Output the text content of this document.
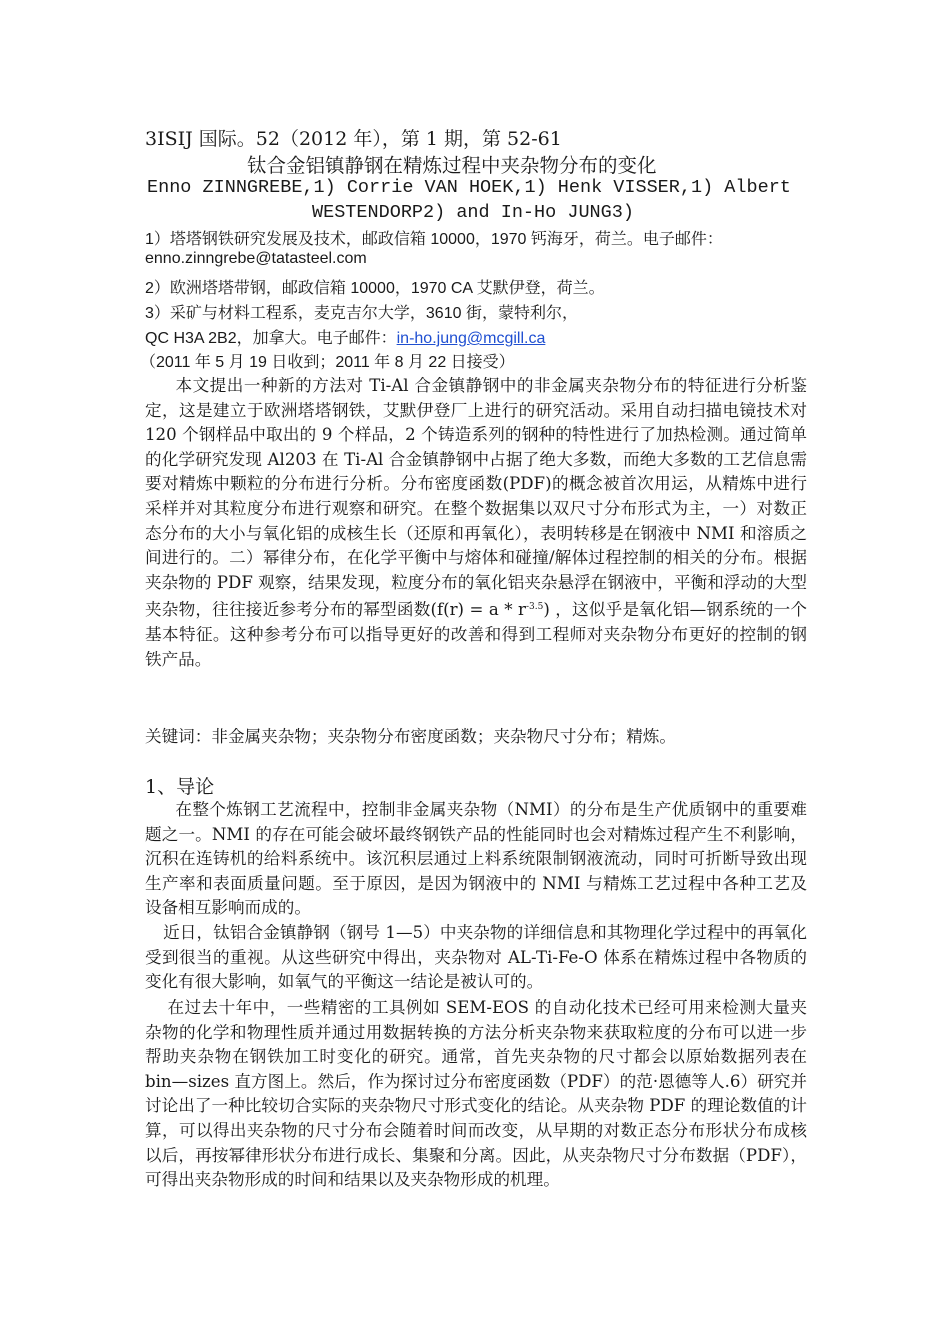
3ISIJ 国际。52（2012 年），第 1 期，第 52-61
钛合金铝镇静钢在精炼过程中夹杂物分布的变化
Enno ZINNGREBE,1) Corrie VAN HOEK,1) Henk VISSER,1) Albert
WESTENDORP2) and In-Ho JUNG3)
1）塔塔钢铁研究发展及技术，邮政信箱 10000，1970 钙海牙，荷兰。电子邮件：
enno.zinngrebe@tatasteel.com
2）欧洲塔塔带钢，邮政信箱 10000，1970 CA 艾默伊登，荷兰。
3）采矿与材料工程系，麦克吉尔大学，3610 街，蒙特利尔，
QC H3A 2B2，加拿大。电子邮件：in-ho.jung@mcgill.ca
（2011 年 5 月 19 日收到；2011 年 8 月 22 日接受）
本文提出一种新的方法对 Ti-Al 合金镇静钢中的非金属夹杂物分布的特征进行分析鉴定，这是建立于欧洲塔塔钢铁，艾默伊登厂上进行的研究活动。采用自动扫描电镜技术对 120 个钢样品中取出的 9 个样品，2 个铸造系列的钢种的特性进行了加热检测。通过简单的化学研究发现 Al203 在 Ti-Al 合金镇静钢中占据了绝大多数，而绝大多数的工艺信息需要对精炼中颗粒的分布进行分析。分布密度函数(PDF)的概念被首次用运，从精炼中进行采样并对其粒度分布进行观察和研究。在整个数据集以双尺寸分布形式为主，一）对数正态分布的大小与氧化铝的成核生长（还原和再氧化），表明转移是在钢液中 NMI 和溶质之间进行的。二）幂律分布，在化学平衡中与熔体和碰撞/解体过程控制的相关的分布。根据夹杂物的 PDF 观察，结果发现，粒度分布的氧化铝夹杂悬浮在钢液中，平衡和浮动的大型夹杂物，往往接近参考分布的幂型函数$(f(r) = a * r^{-3.5})$ ，这似乎是氧化铝—钢系统的一个基本特征。这种参考分布可以指导更好的改善和得到工程师对夹杂物分布更好的控制的钢铁产品。
关键词：非金属夹杂物；夹杂物分布密度函数；夹杂物尺寸分布；精炼。
1、导论
在整个炼钢工艺流程中，控制非金属夹杂物（NMI）的分布是生产优质钢中的重要难题之一。NMI 的存在可能会破坏最终钢铁产品的性能同时也会对精炼过程产生不利影响，沉积在连铸机的给料系统中。该沉积层通过上料系统限制钢液流动，同时可折断导致出现生产率和表面质量问题。至于原因，是因为钢液中的 NMI 与精炼工艺过程中各种工艺及设备相互影响而成的。
近日，钛铝合金镇静钢（钢号 1—5）中夹杂物的详细信息和其物理化学过程中的再氧化受到很当的重视。从这些研究中得出，夹杂物对 AL-Ti-Fe-O 体系在精炼过程中各物质的变化有很大影响，如氧气的平衡这一结论是被认可的。
在过去十年中，一些精密的工具例如 SEM-EOS 的自动化技术已经可用来检测大量夹杂物的化学和物理性质并通过用数据转换的方法分析夹杂物来获取粒度的分布可以进一步帮助夹杂物在钢铁加工时变化的研究。通常，首先夹杂物的尺寸都会以原始数据列表在 bin—sizes 直方图上。然后，作为探讨过分布密度函数（PDF）的范·恩德等人.6）研究并讨论出了一种比较切合实际的夹杂物尺寸形式变化的结论。从夹杂物 PDF 的理论数值的计算，可以得出夹杂物的尺寸分布会随着时间而改变，从早期的对数正态分布形状分布成核以后，再按幂律形状分布进行成长、集聚和分离。因此，从夹杂物尺寸分布数据（PDF），可得出夹杂物形成的时间和结果以及夹杂物形成的机理。
